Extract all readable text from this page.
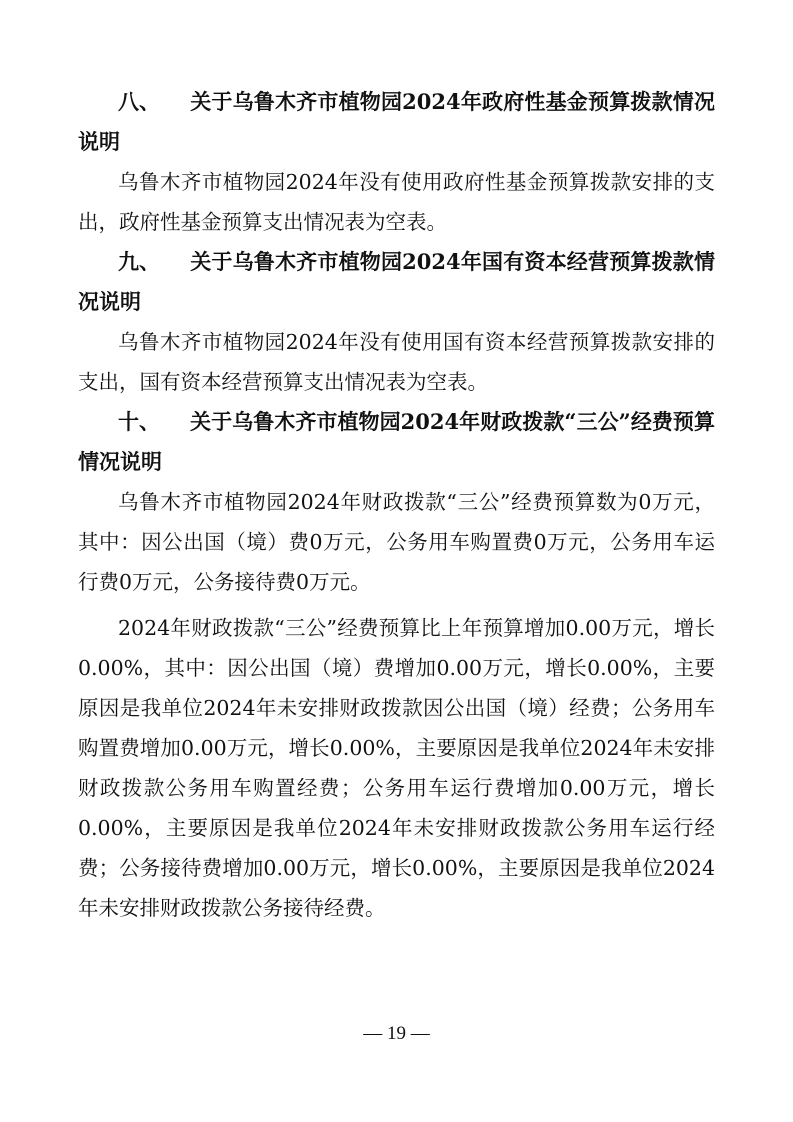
八、 关于乌鲁木齐市植物园2024年政府性基金预算拨款情况说明

乌鲁木齐市植物园2024年没有使用政府性基金预算拨款安排的支出，政府性基金预算支出情况表为空表。

九、 关于乌鲁木齐市植物园2024年国有资本经营预算拨款情况说明

乌鲁木齐市植物园2024年没有使用国有资本经营预算拨款安排的支出，国有资本经营预算支出情况表为空表。

十、 关于乌鲁木齐市植物园2024年财政拨款“三公”经费预算情况说明

乌鲁木齐市植物园2024年财政拨款“三公”经费预算数为0万元，其中：因公出国（境）费0万元，公务用车购置费0万元，公务用车运行费0万元，公务接待费0万元。

2024年财政拨款“三公”经费预算比上年预算增加0.00万元，增长0.00%，其中：因公出国（境）费增加0.00万元，增长0.00%，主要原因是我单位2024年未安排财政拨款因公出国（境）经费；公务用车购置费增加0.00万元，增长0.00%，主要原因是我单位2024年未安排财政拨款公务用车购置经费；公务用车运行费增加0.00万元，增长0.00%，主要原因是我单位2024年未安排财政拨款公务用车运行经费；公务接待费增加0.00万元，增长0.00%，主要原因是我单位2024年未安排财政拨款公务接待经费。

— 19 —
